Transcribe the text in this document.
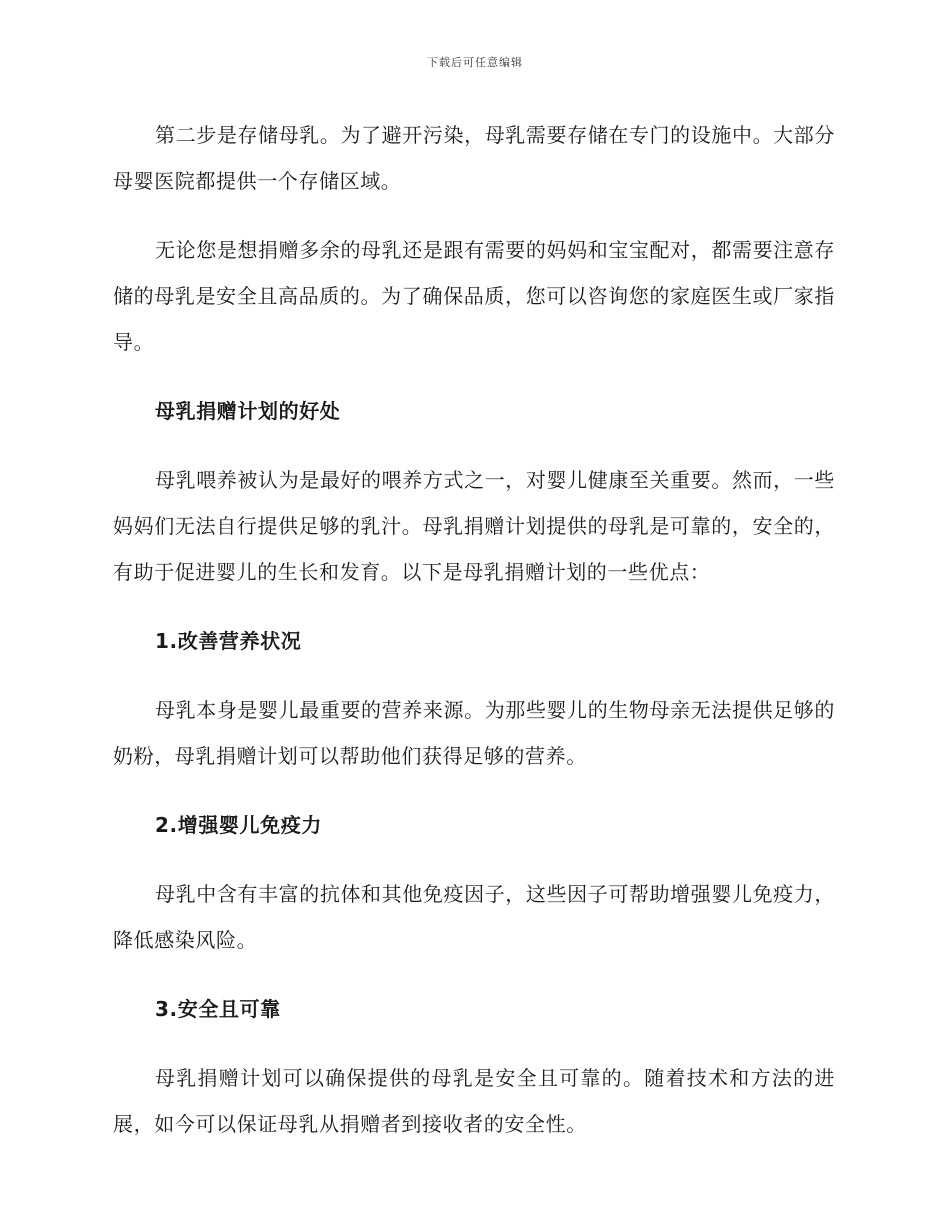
下载后可任意编辑

第二步是存储母乳。为了避开污染，母乳需要存储在专门的设施中。大部分母婴医院都提供一个存储区域。

无论您是想捐赠多余的母乳还是跟有需要的妈妈和宝宝配对，都需要注意存储的母乳是安全且高品质的。为了确保品质，您可以咨询您的家庭医生或厂家指导。

母乳捐赠计划的好处

母乳喂养被认为是最好的喂养方式之一，对婴儿健康至关重要。然而，一些妈妈们无法自行提供足够的乳汁。母乳捐赠计划提供的母乳是可靠的，安全的，有助于促进婴儿的生长和发育。以下是母乳捐赠计划的一些优点：

1.改善营养状况

母乳本身是婴儿最重要的营养来源。为那些婴儿的生物母亲无法提供足够的奶粉，母乳捐赠计划可以帮助他们获得足够的营养。

2.增强婴儿免疫力

母乳中含有丰富的抗体和其他免疫因子，这些因子可帮助增强婴儿免疫力，降低感染风险。

3.安全且可靠

母乳捐赠计划可以确保提供的母乳是安全且可靠的。随着技术和方法的进展，如今可以保证母乳从捐赠者到接收者的安全性。
